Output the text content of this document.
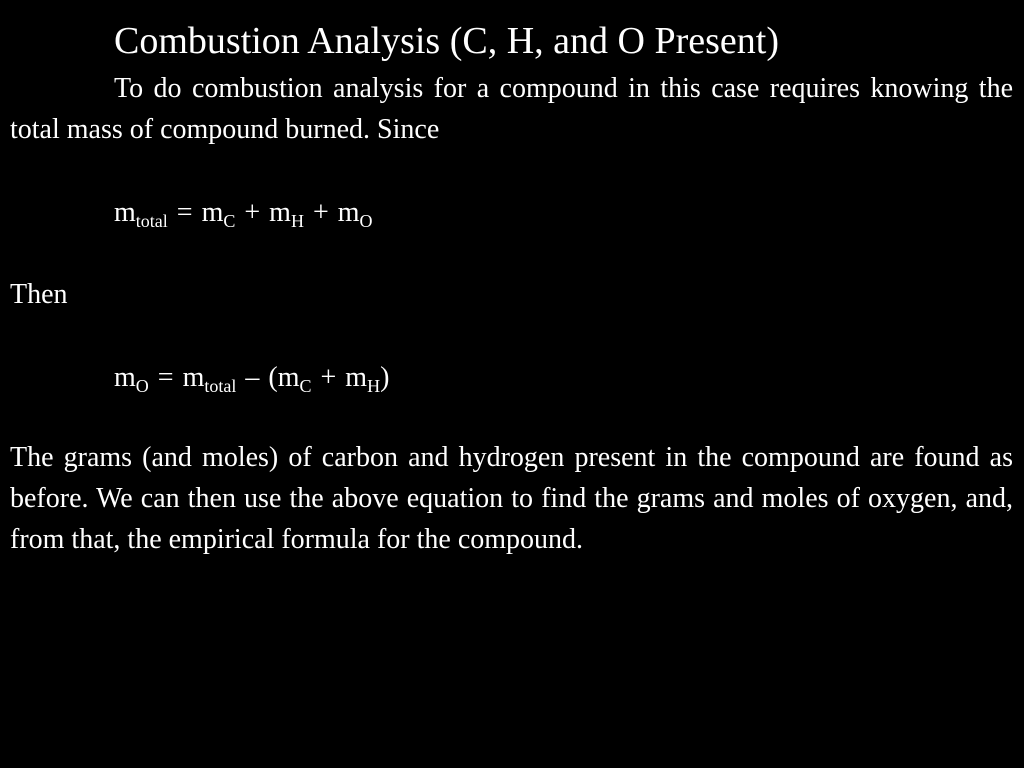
Combustion Analysis (C, H, and O Present)
To do combustion analysis for a compound in this case requires knowing the total mass of compound burned. Since
$m_{total} = m_C + m_H + m_O$
Then
$m_O = m_{total} - (m_C + m_H)$
The grams (and moles) of carbon and hydrogen present in the compound are found as before. We can then use the above equation to find the grams and moles of oxygen, and, from that, the empirical formula for the compound.
